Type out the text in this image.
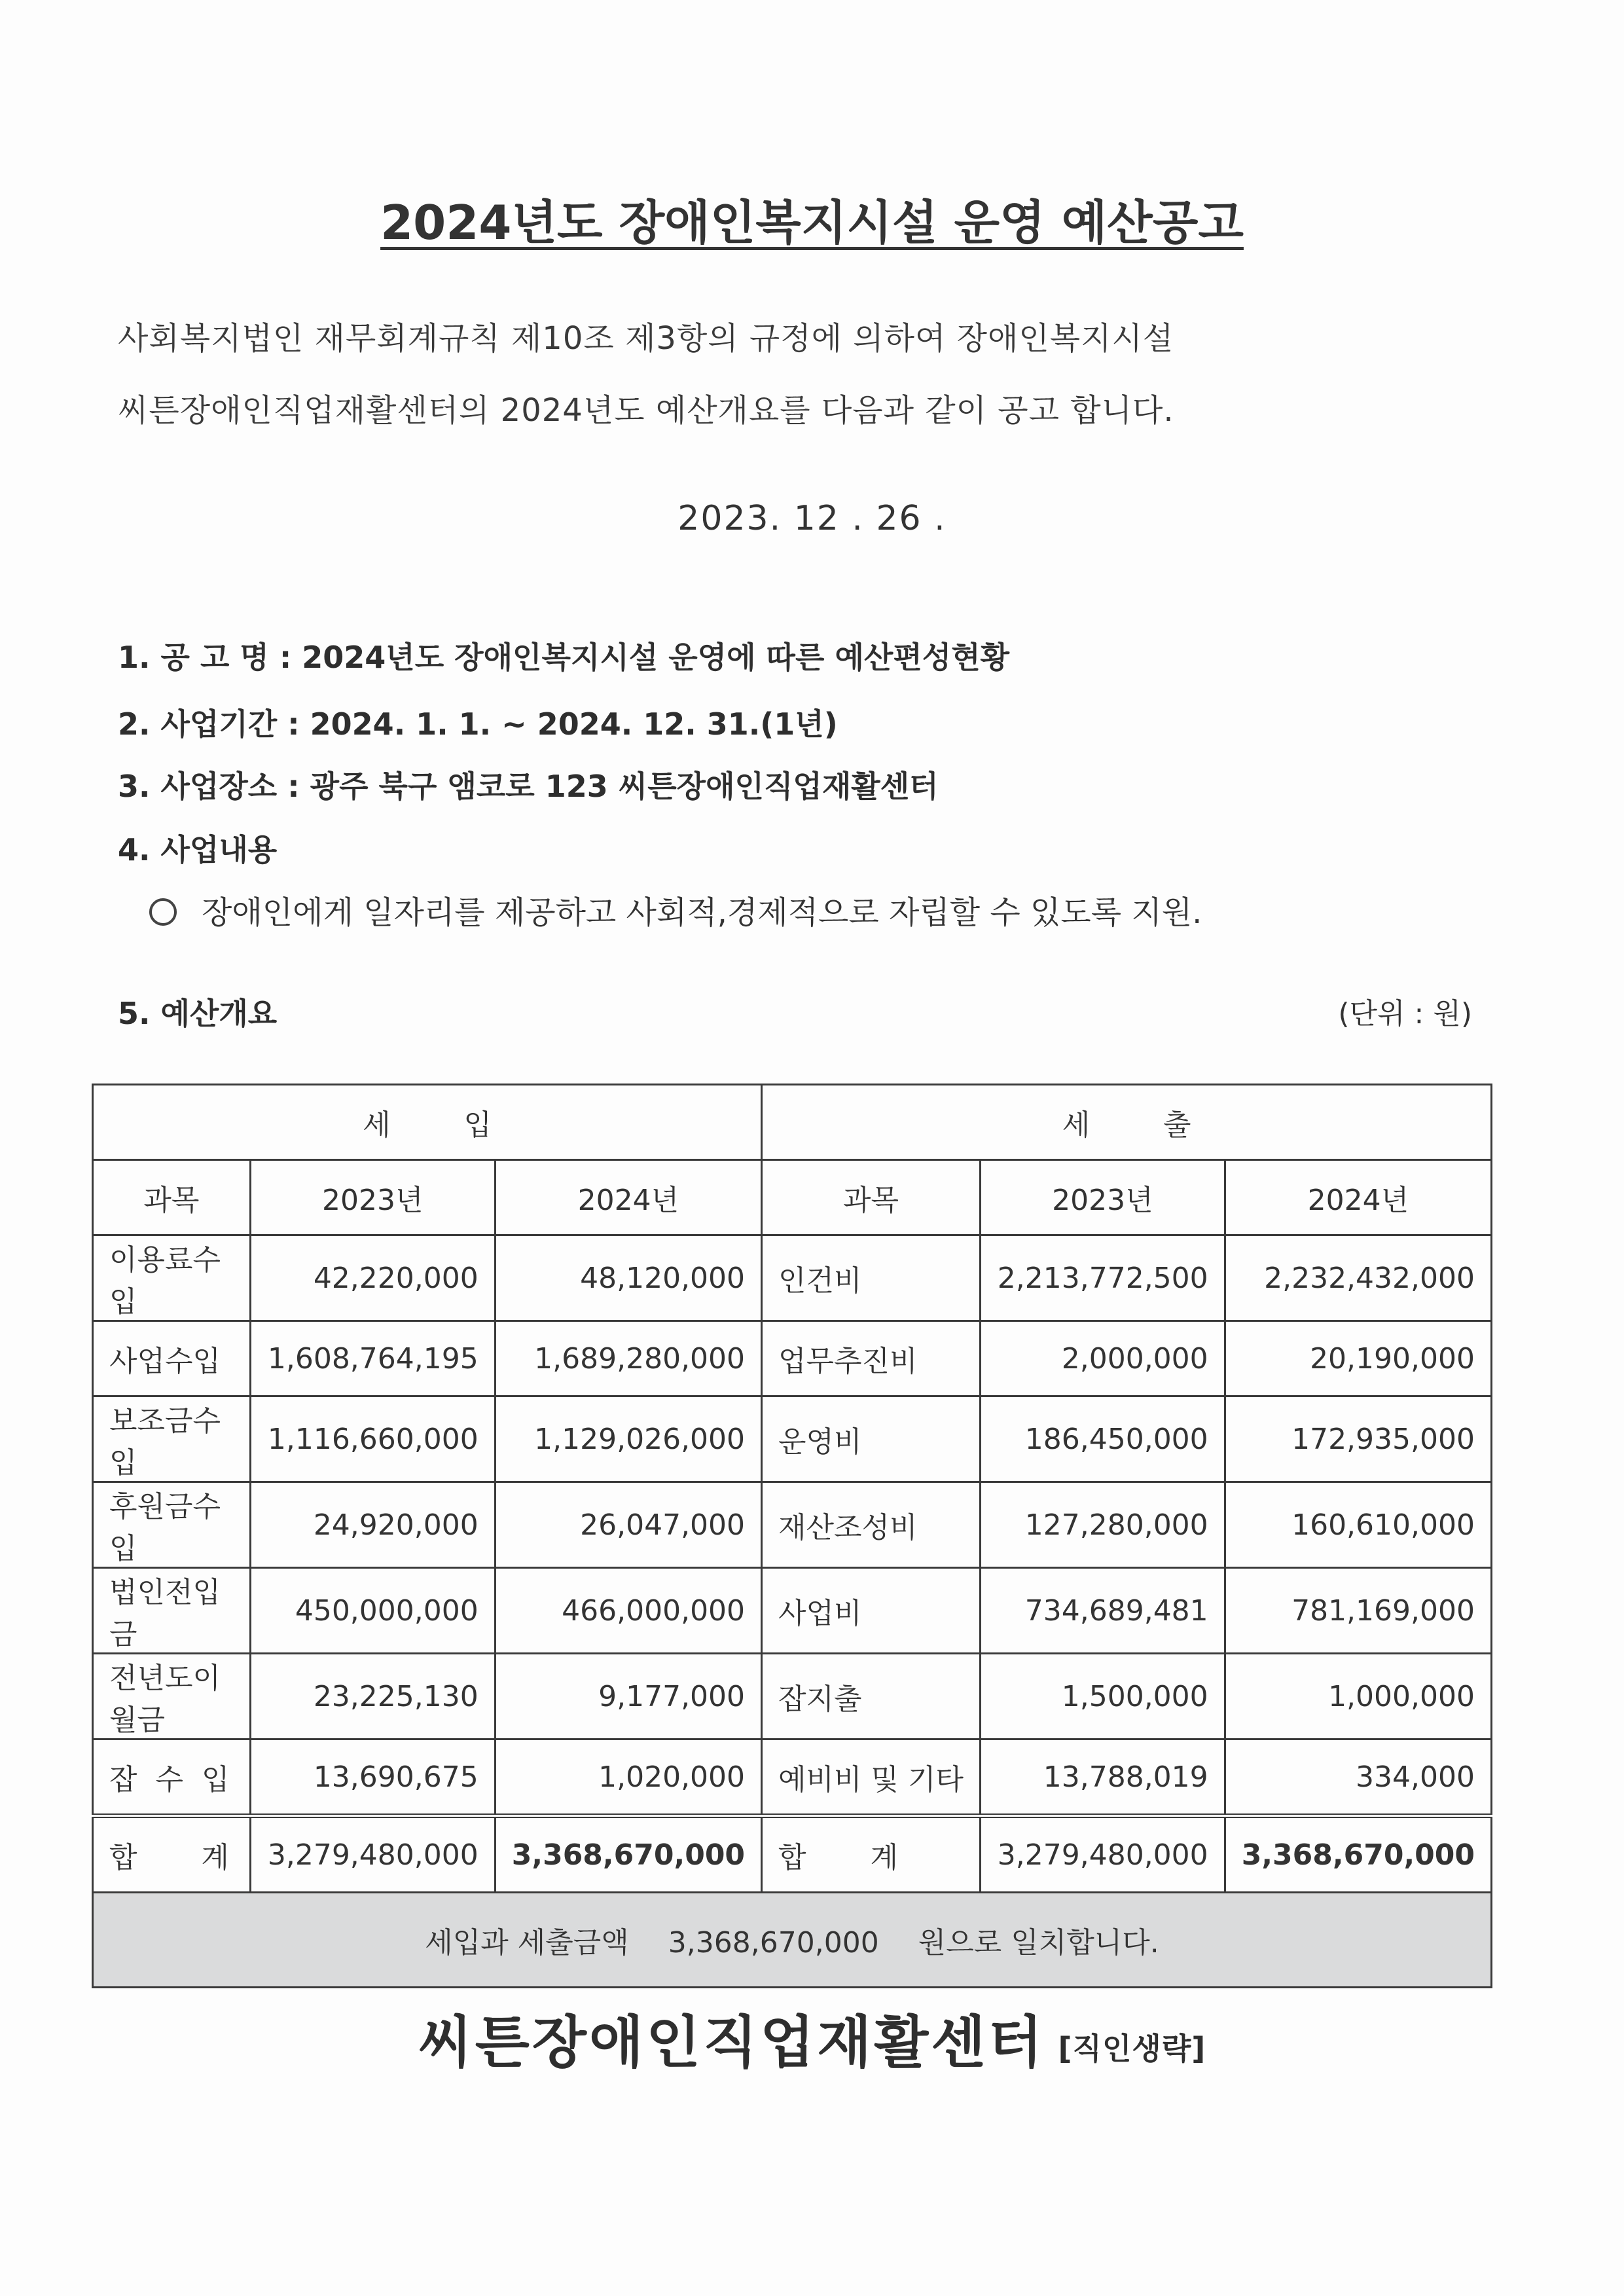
2024년도 장애인복지시설 운영 예산공고
사회복지법인 재무회계규칙 제10조 제3항의 규정에 의하여 장애인복지시설
씨튼장애인직업재활센터의 2024년도 예산개요를 다음과 같이 공고 합니다.
2023. 12 . 26 .
1. 공 고 명 : 2024년도 장애인복지시설 운영에 따른 예산편성현황
2. 사업기간 : 2024. 1. 1. ~ 2024. 12. 31.(1년)
3. 사업장소 : 광주 북구 앰코로 123 씨튼장애인직업재활센터
4. 사업내용
장애인에게 일자리를 제공하고 사회적,경제적으로 자립할 수 있도록 지원.
5. 예산개요	(단위 : 원)
세        입			세        출		
과목	2023년	2024년	과목	2023년	2024년
이용료수입	42,220,000	48,120,000	인건비	2,213,772,500	2,232,432,000
사업수입	1,608,764,195	1,689,280,000	업무추진비	2,000,000	20,190,000
보조금수입	1,116,660,000	1,129,026,000	운영비	186,450,000	172,935,000
후원금수입	24,920,000	26,047,000	재산조성비	127,280,000	160,610,000
법인전입금	450,000,000	466,000,000	사업비	734,689,481	781,169,000
전년도이월금	23,225,130	9,177,000	잡지출	1,500,000	1,000,000
잡  수  입	13,690,675	1,020,000	예비비 및 기타	13,788,019	334,000
합       계	3,279,480,000	3,368,670,000	합       계	3,279,480,000	3,368,670,000
세입과 세출금액 3,368,670,000 원으로 일치합니다.					
씨튼장애인직업재활센터 [직인생략]
